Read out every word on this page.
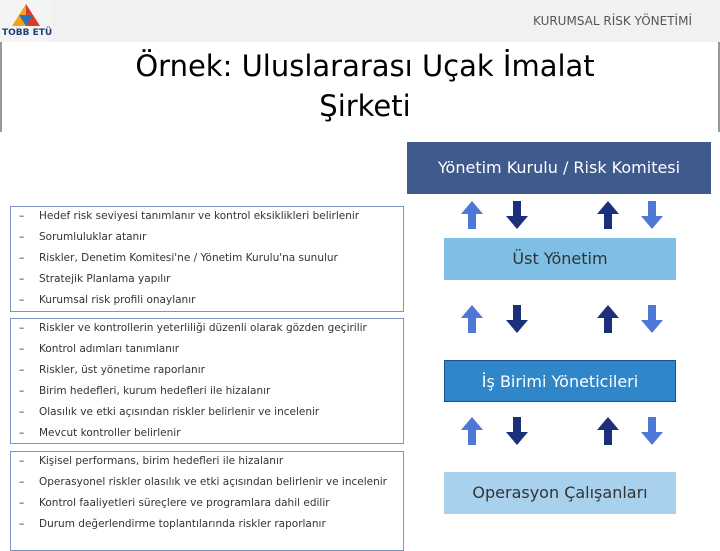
TOBB ETÜ
KURUMSAL RİSK YÖNETİMİ
Örnek: Uluslararası Uçak İmalat
Şirketi
– Hedef risk seviyesi tanımlanır ve kontrol eksiklikleri belirlenir
– Sorumluluklar atanır
– Riskler, Denetim Komitesi'ne / Yönetim Kurulu'na sunulur
– Stratejik Planlama yapılır
– Kurumsal risk profili onaylanır
– Riskler ve kontrollerin yeterliliği düzenli olarak gözden geçirilir
– Kontrol adımları tanımlanır
– Riskler, üst yönetime raporlanır
– Birim hedefleri, kurum hedefleri ile hizalanır
– Olasılık ve etki açısından riskler belirlenir ve incelenir
– Mevcut kontroller belirlenir
– Kişisel performans, birim hedefleri ile hizalanır
– Operasyonel riskler olasılık ve etki açısından belirlenir ve incelenir
– Kontrol faaliyetleri süreçlere ve programlara dahil edilir
– Durum değerlendirme toplantılarında riskler raporlanır
Yönetim Kurulu / Risk Komitesi
Üst Yönetim
İş Birimi Yöneticileri
Operasyon Çalışanları
